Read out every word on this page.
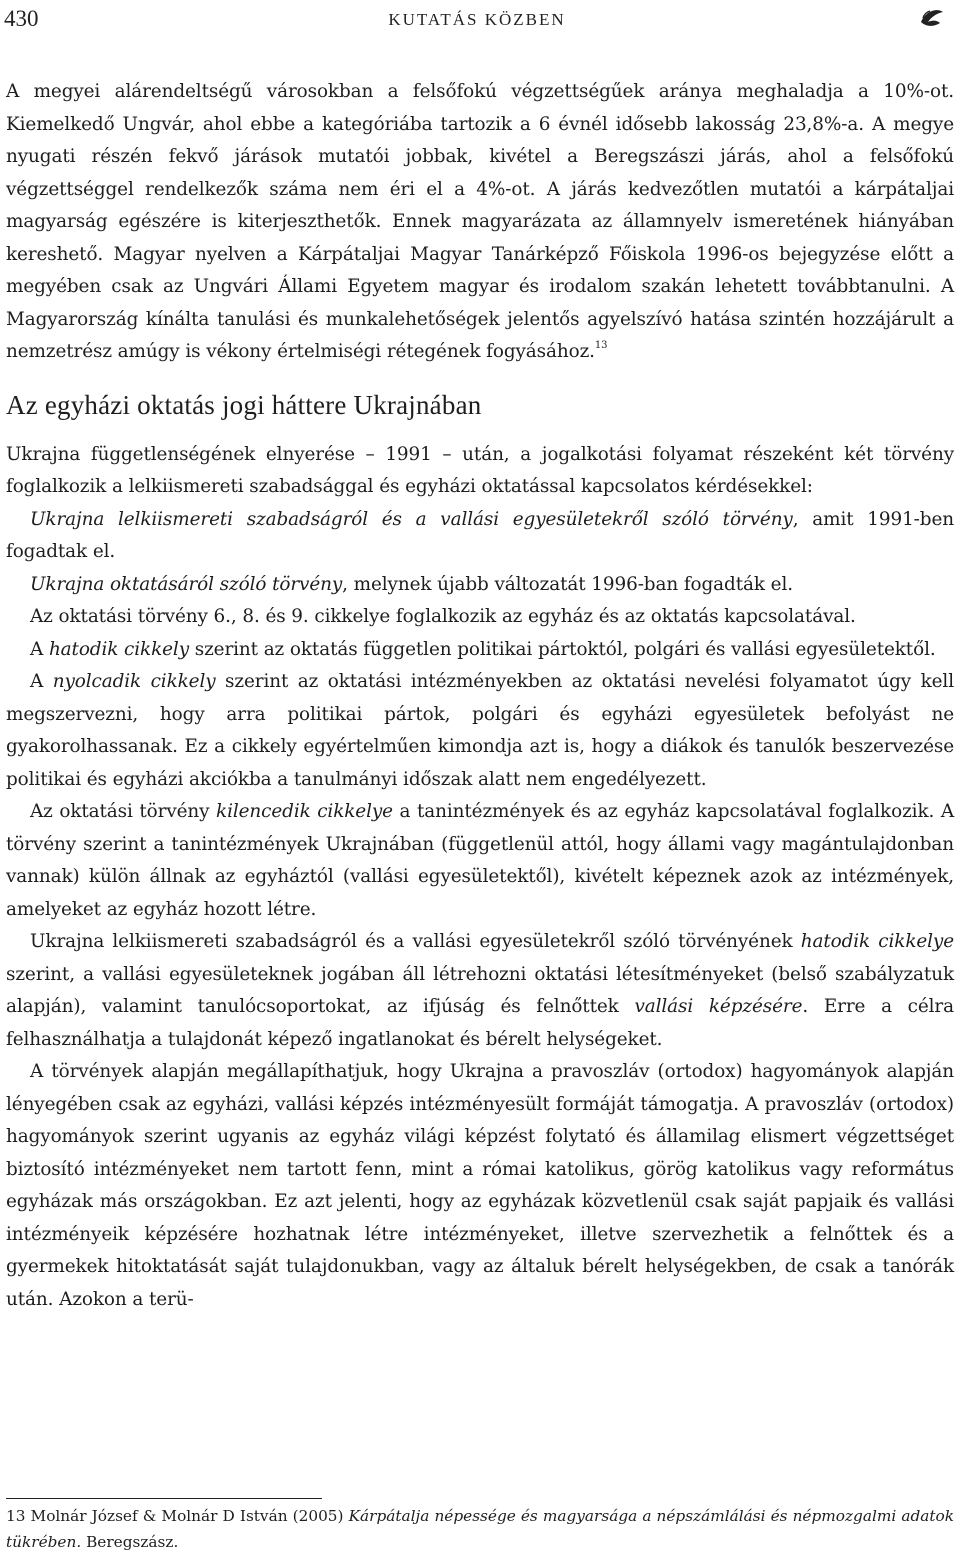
430	KUTATÁS KÖZBEN

A megyei alárendeltségű városokban a felsőfokú végzettségűek aránya meghaladja a 10%-ot. Kiemelkedő Ungvár, ahol ebbe a kategóriába tartozik a 6 évnél idősebb lakosság 23,8%-a. A megye nyugati részén fekvő járások mutatói jobbak, kivétel a Beregszászi járás, ahol a felsőfokú végzettséggel rendelkezők száma nem éri el a 4%-ot. A járás kedvezőtlen mutatói a kárpátaljai magyarság egészére is kiterjeszthetők. Ennek magyarázata az államnyelv ismeretének hiányában kereshető. Magyar nyelven a Kárpátaljai Magyar Tanárképző Főiskola 1996-os bejegyzése előtt a megyében csak az Ungvári Állami Egyetem magyar és irodalom szakán lehetett továbbtanulni. A Magyarország kínálta tanulási és munkalehetőségek jelentős agyelszívó hatása szintén hozzájárult a nemzetrész amúgy is vékony értelmiségi rétegének fogyásához.$^{13}$

Az egyházi oktatás jogi háttere Ukrajnában

Ukrajna függetlenségének elnyerése – 1991 – után, a jogalkotási folyamat részeként két törvény foglalkozik a lelkiismereti szabadsággal és egyházi oktatással kapcsolatos kérdésekkel:

Ukrajna lelkiismereti szabadságról és a vallási egyesületekről szóló törvény, amit 1991-ben fogadtak el.

Ukrajna oktatásáról szóló törvény, melynek újabb változatát 1996-ban fogadták el.

Az oktatási törvény 6., 8. és 9. cikkelye foglalkozik az egyház és az oktatás kapcsolatával.

A hatodik cikkely szerint az oktatás független politikai pártoktól, polgári és vallási egyesületektől.

A nyolcadik cikkely szerint az oktatási intézményekben az oktatási nevelési folyamatot úgy kell megszervezni, hogy arra politikai pártok, polgári és egyházi egyesületek befolyást ne gyakorolhassanak. Ez a cikkely egyértelműen kimondja azt is, hogy a diákok és tanulók beszervezése politikai és egyházi akciókba a tanulmányi időszak alatt nem engedélyezett.

Az oktatási törvény kilencedik cikkelye a tanintézmények és az egyház kapcsolatával foglalkozik. A törvény szerint a tanintézmények Ukrajnában (függetlenül attól, hogy állami vagy magántulajdonban vannak) külön állnak az egyháztól (vallási egyesületektől), kivételt képeznek azok az intézmények, amelyeket az egyház hozott létre.

Ukrajna lelkiismereti szabadságról és a vallási egyesületekről szóló törvényének hatodik cikkelye szerint, a vallási egyesületeknek jogában áll létrehozni oktatási létesítményeket (belső szabályzatuk alapján), valamint tanulócsoportokat, az ifjúság és felnőttek vallási képzésére. Erre a célra felhasználhatja a tulajdonát képező ingatlanokat és bérelt helységeket.

A törvények alapján megállapíthatjuk, hogy Ukrajna a pravoszláv (ortodox) hagyományok alapján lényegében csak az egyházi, vallási képzés intézményesült formáját támogatja. A pravoszláv (ortodox) hagyományok szerint ugyanis az egyház világi képzést folytató és államilag elismert végzettséget biztosító intézményeket nem tartott fenn, mint a római katolikus, görög katolikus vagy református egyházak más országokban. Ez azt jelenti, hogy az egyházak közvetlenül csak saját papjaik és vallási intézményeik képzésére hozhatnak létre intézményeket, illetve szervezhetik a felnőttek és a gyermekek hitoktatását saját tulajdonukban, vagy az általuk bérelt helységekben, de csak a tanórák után. Azokon a terü-

13 Molnár József & Molnár D István (2005) Kárpátalja népessége és magyarsága a népszámlálási és népmozgalmi adatok tükrében. Beregszász.
